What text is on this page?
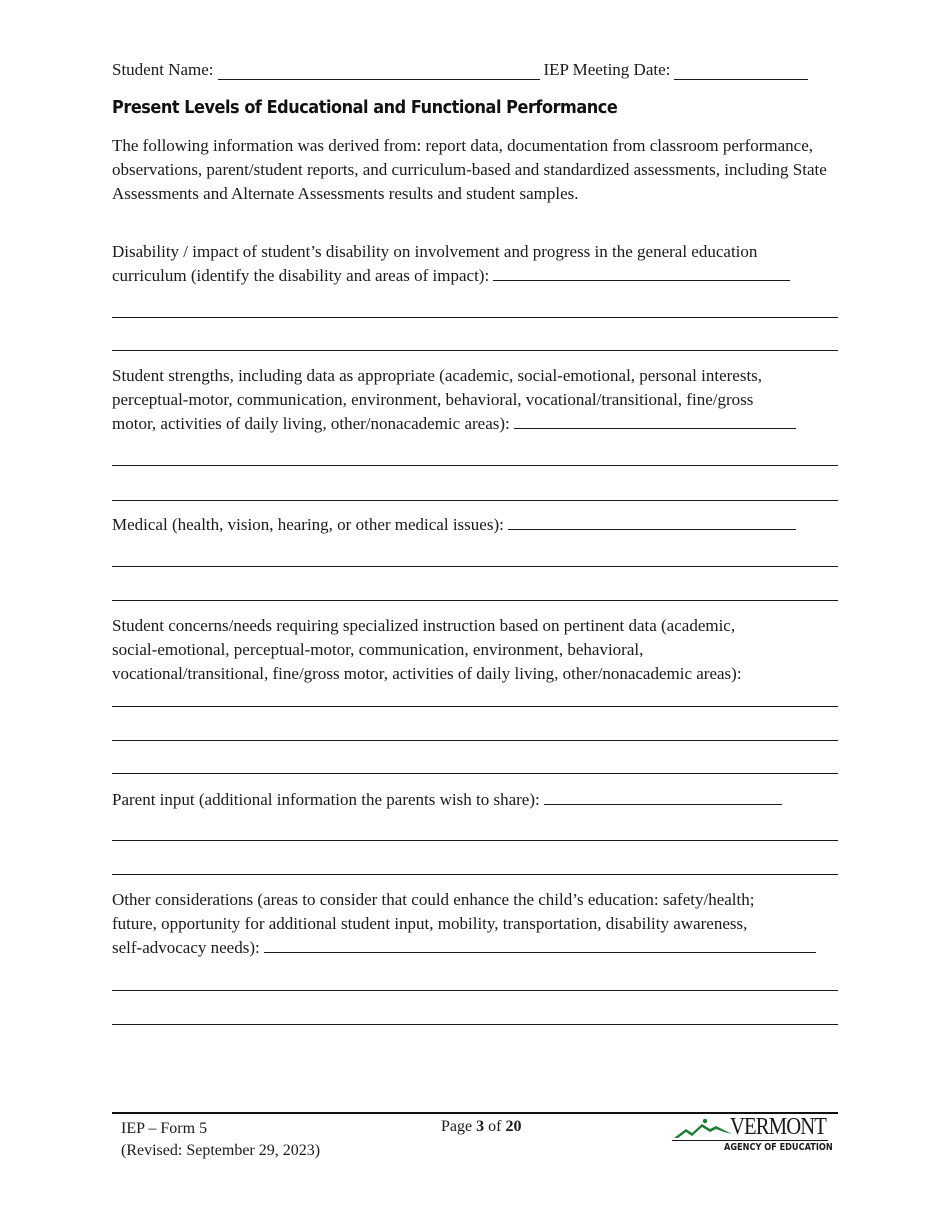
Student Name:	IEP Meeting Date:
Present Levels of Educational and Functional Performance

The following information was derived from: report data, documentation from classroom performance, observations, parent/student reports, and curriculum-based and standardized assessments, including State Assessments and Alternate Assessments results and student samples.

Disability / impact of student’s disability on involvement and progress in the general education
curriculum (identify the disability and areas of impact):
Student strengths, including data as appropriate (academic, social-emotional, personal interests,
perceptual-motor, communication, environment, behavioral, vocational/transitional, fine/gross
motor, activities of daily living, other/nonacademic areas):
Medical (health, vision, hearing, or other medical issues):
Student concerns/needs requiring specialized instruction based on pertinent data (academic,
social-emotional, perceptual-motor, communication, environment, behavioral,
vocational/transitional, fine/gross motor, activities of daily living, other/nonacademic areas):
Parent input (additional information the parents wish to share):
Other considerations (areas to consider that could enhance the child’s education: safety/health;
future, opportunity for additional student input, mobility, transportation, disability awareness,
self-advocacy needs):
IEP – Form 5
(Revised: September 29, 2023)
Page 3 of 20	VERMONT
AGENCY OF EDUCATION
